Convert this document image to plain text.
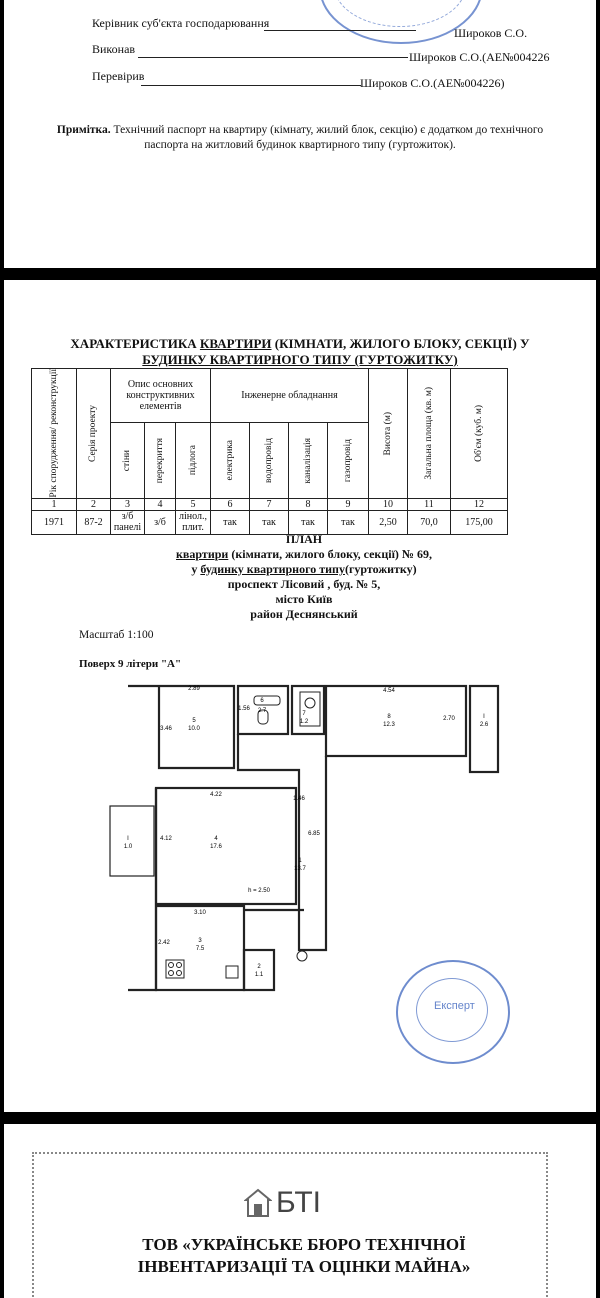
Керівник суб'єкта господарювання
Широков С.О.
Виконав
Широков С.О.(АЕ№004226
Перевірив	Широков С.О.(АЕ№004226)
Примітка. Технічний паспорт на квартиру (кімнату, жилий блок, секцію) є додатком до технічного паспорта на житловий будинок квартирного типу (гуртожиток).
ХАРАКТЕРИСТИКА КВАРТИРИ (КІМНАТИ, ЖИЛОГО БЛОКУ, СЕКЦІЇ) У
БУДИНКУ КВАРТИРНОГО ТИПУ (ГУРТОЖИТКУ)
Рік спорудження/ реконструкції	Серія проекту	Опис основних конструктивних елементів			Інженерне обладнання				Висота (м)	Загальна площа (кв. м)	Об'єм (куб. м)

		стіни	перекриття	підлога	електрика	водопровід	каналізація	газопровід			

1	2	3	4	5	6	7	8	9	10	11	12
1971	87-2	з/б панелі	з/б	лінол., плит.	так	так	так	так	2,50	70,0	175,00
ПЛАН
квартири (кімнати, жилого блоку, секції) № 69,
у будинку квартирного типу(гуртожитку)
проспект Лісовий , буд. № 5,
місто Київ
район Деснянський
Масштаб 1:100
Поверх 9 літери "А"
2.89
5
10.0
3.46
1.56
6
2.7	7
1.2
4.54
8
12.3
2.70	I
2.6
4.22
4
17.6
4.12
h = 2.50
1.46
1
13.7
6.85
I
1.0
3.10
3
7.5
2.42
2
1.1
Експерт
БТІ
ТОВ «УКРАЇНСЬКЕ БЮРО ТЕХНІЧНОЇ
ІНВЕНТАРИЗАЦІЇ ТА ОЦІНКИ МАЙНА»
